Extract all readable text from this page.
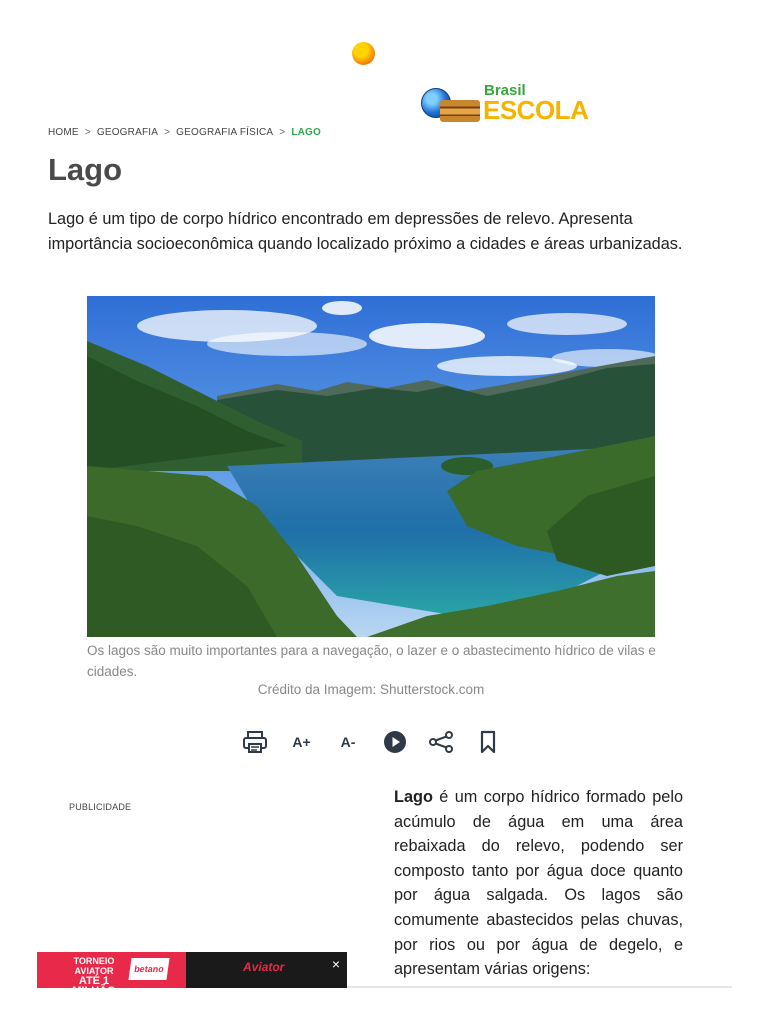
Brasil
ESCOLA
HOME > GEOGRAFIA > GEOGRAFIA FÍSICA > LAGO
Lago

Lago é um tipo de corpo hídrico encontrado em depressões de relevo. Apresenta importância socioeconômica quando localizado próximo a cidades e áreas urbanizadas.

Os lagos são muito importantes para a navegação, o lazer e o abastecimento hídrico de vilas e cidades.

Crédito da Imagem: Shutterstock.com
A+	A-
PUBLICIDADE

Lago é um corpo hídrico formado pelo acúmulo de água em uma área rebaixada do relevo, podendo ser composto tanto por água doce quanto por água salgada. Os lagos são comumente abastecidos pelas chuvas, por rios ou por água de degelo, e apresentam várias origens:

TORNEIO AVIATOR
ATÉ 1 MILHÃO
EM PRÊMIOS
betano	Aviator	×
